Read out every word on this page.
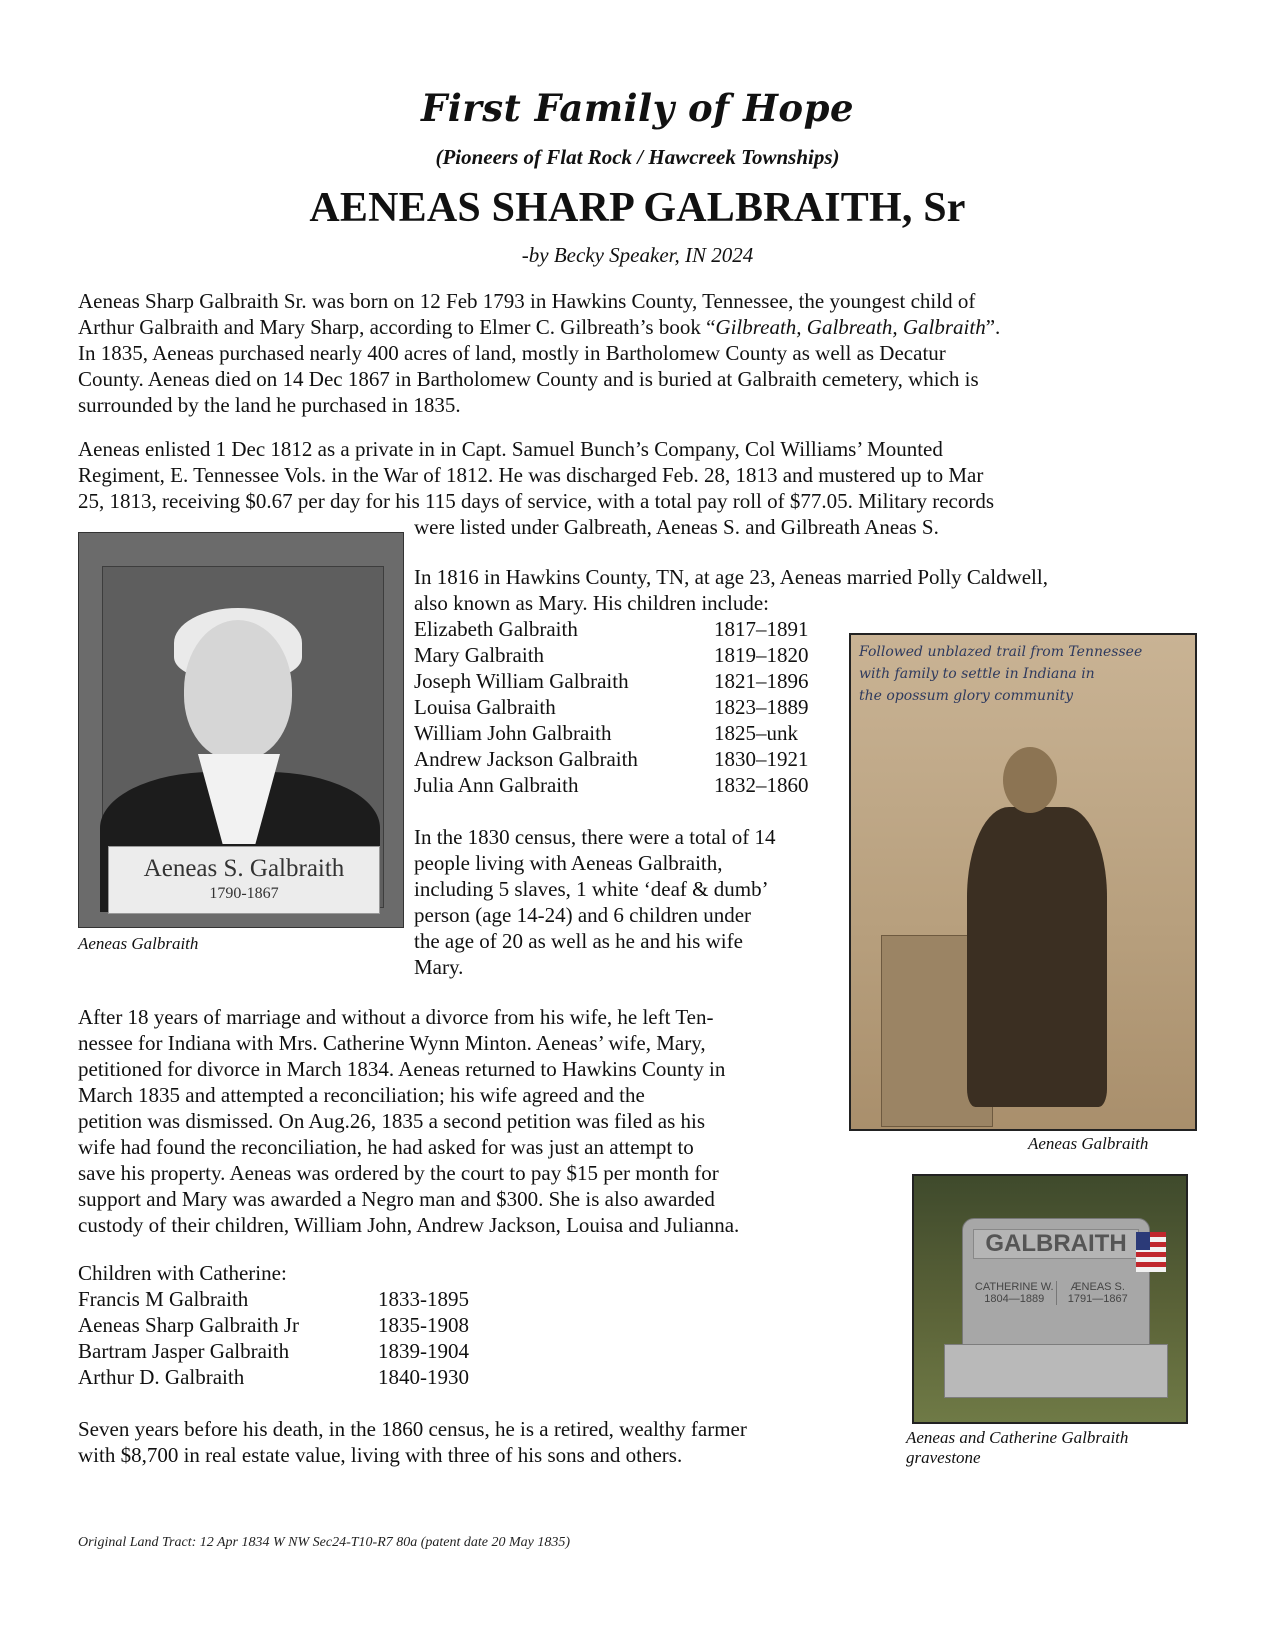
First Family of Hope
(Pioneers of Flat Rock / Hawcreek Townships)
AENEAS SHARP GALBRAITH, Sr
-by Becky Speaker, IN 2024
Aeneas Sharp Galbraith Sr. was born on 12 Feb 1793 in Hawkins County, Tennessee, the youngest child of
Arthur Galbraith and Mary Sharp, according to Elmer C. Gilbreath’s book “Gilbreath, Galbreath, Galbraith”.
In 1835, Aeneas purchased nearly 400 acres of land, mostly in Bartholomew County as well as Decatur
County. Aeneas died on 14 Dec 1867 in Bartholomew County and is buried at Galbraith cemetery, which is
surrounded by the land he purchased in 1835.
Aeneas enlisted 1 Dec 1812 as a private in in Capt. Samuel Bunch’s Company, Col Williams’ Mounted
Regiment, E. Tennessee Vols. in the War of 1812. He was discharged Feb. 28, 1813 and mustered up to Mar
25, 1813, receiving $0.67 per day for his 115 days of service, with a total pay roll of $77.05. Military records
were listed under Galbreath, Aeneas S. and Gilbreath Aneas S.
Aeneas S. Galbraith
1790-1867
Aeneas Galbraith
In 1816 in Hawkins County, TN, at age 23, Aeneas married Polly Caldwell,
also known as Mary. His children include:
Elizabeth Galbraith	1817–1891
Mary Galbraith	1819–1820
Joseph William Galbraith	1821–1896
Louisa Galbraith	1823–1889
William John Galbraith	1825–unk
Andrew Jackson Galbraith	1830–1921
Julia Ann Galbraith	1832–1860
In the 1830 census, there were a total of 14
people living with Aeneas Galbraith,
including 5 slaves, 1 white ‘deaf & dumb’
person (age 14-24) and 6 children under
the age of 20 as well as he and his wife
Mary.
Followed unblazed trail from Tennessee
with family to settle in Indiana in
the opossum glory community
Aeneas Galbraith
After 18 years of marriage and without a divorce from his wife, he left Ten-
nessee for Indiana with Mrs. Catherine Wynn Minton. Aeneas’ wife, Mary,
petitioned for divorce in March 1834. Aeneas returned to Hawkins County in
March 1835 and attempted a reconciliation; his wife agreed and the
petition was dismissed. On Aug.26, 1835 a second petition was filed as his
wife had found the reconciliation, he had asked for was just an attempt to
save his property. Aeneas was ordered by the court to pay $15 per month for
support and Mary was awarded a Negro man and $300. She is also awarded
custody of their children, William John, Andrew Jackson, Louisa and Julianna.
Children with Catherine:
Francis M Galbraith	1833-1895
Aeneas Sharp Galbraith Jr	1835-1908
Bartram Jasper Galbraith	1839-1904
Arthur D. Galbraith	1840-1930
GALBRAITH
CATHERINE W.
1804—1889
ÆNEAS S.
1791—1867
Aeneas and Catherine Galbraith
gravestone
Seven years before his death, in the 1860 census, he is a retired, wealthy farmer
with $8,700 in real estate value, living with three of his sons and others.
Original Land Tract: 12 Apr 1834 W NW Sec24-T10-R7 80a (patent date 20 May 1835)
